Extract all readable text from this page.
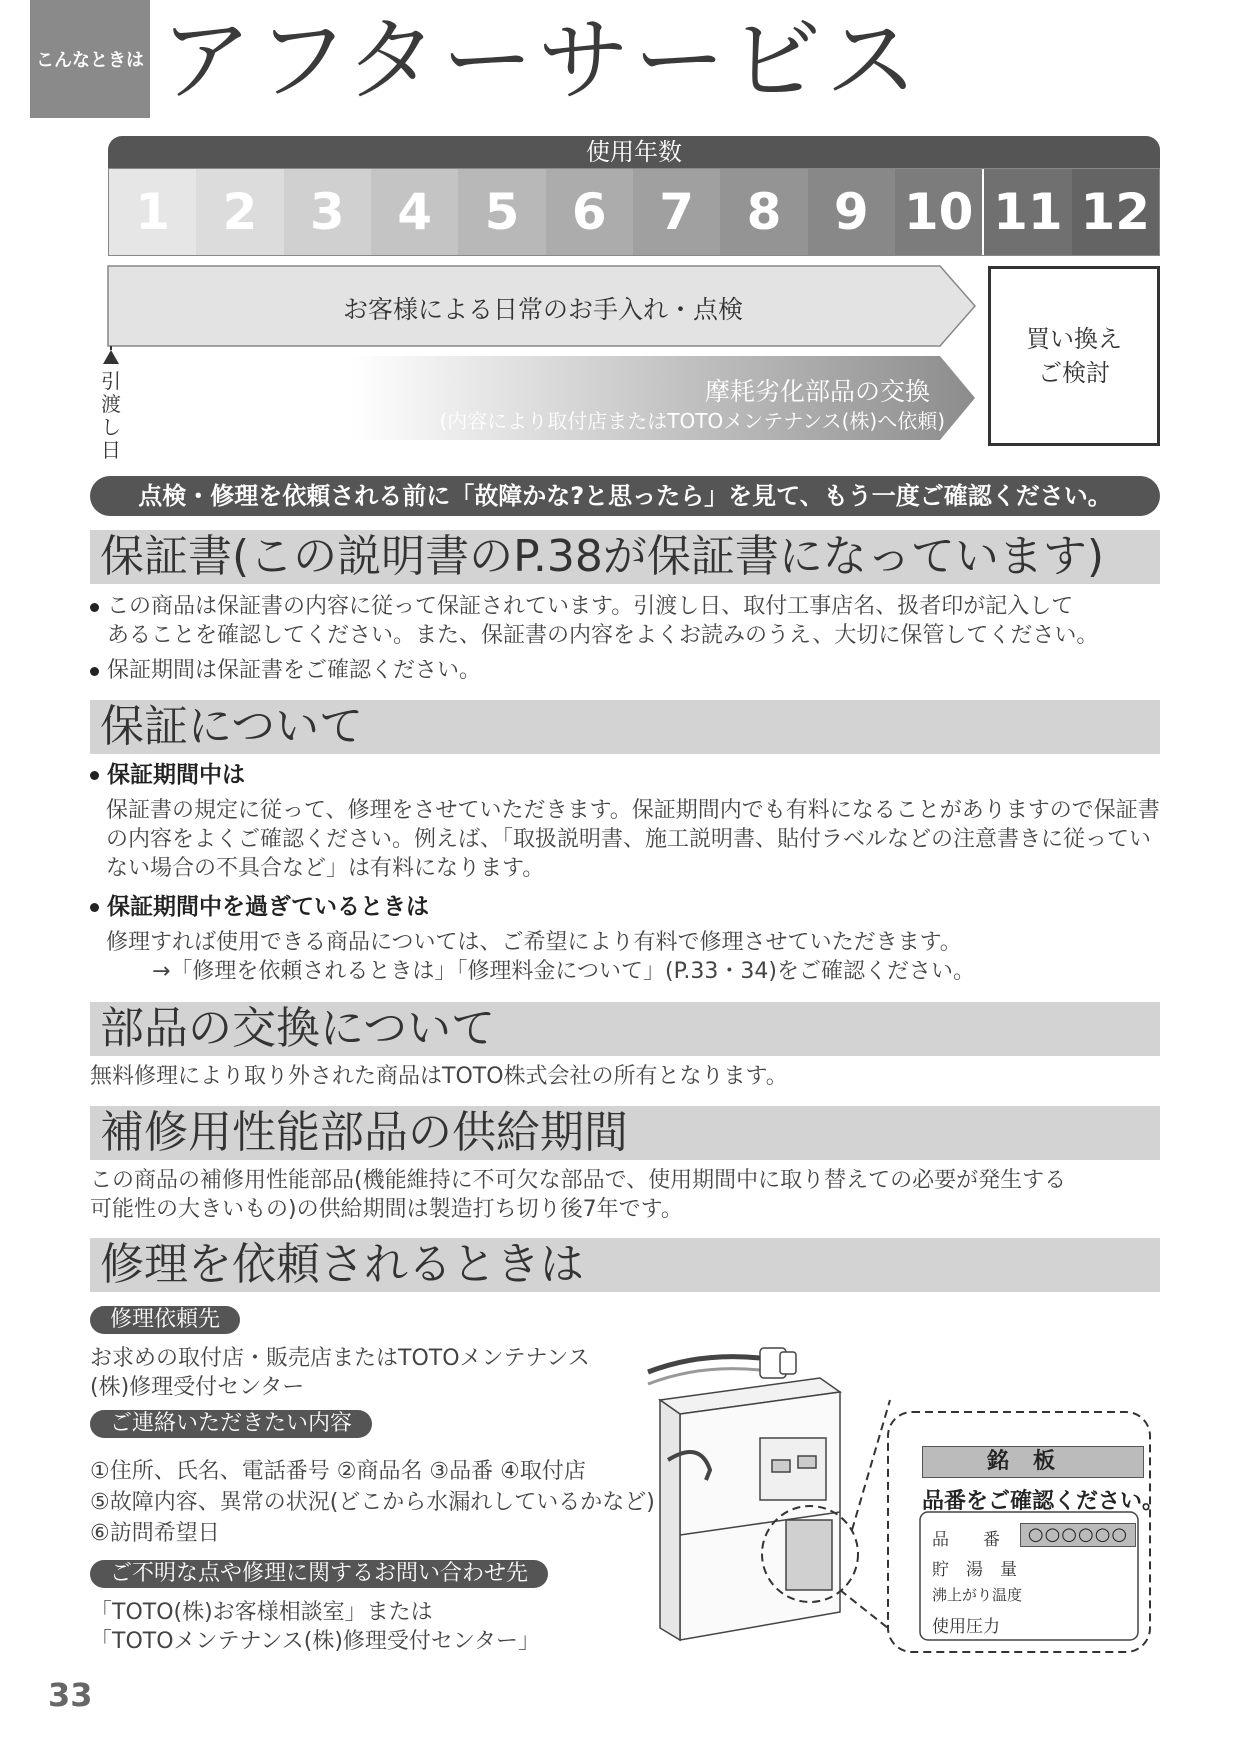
こんなときは アフターサービス
使用年数
1	2	3	4	5	6	7	8	9 10 11 12
お客様による日常のお手入れ・点検
摩耗劣化部品の交換
(内容により取付店またはTOTOメンテナンス(株)へ依頼)
買い換え
ご検討
引
渡
し
日
点検・修理を依頼される前に「故障かな?と思ったら」を見て、もう一度ご確認ください。
保証書(この説明書のP.38が保証書になっています)
この商品は保証書の内容に従って保証されています。引渡し日、取付工事店名、扱者印が記入して
あることを確認してください。また、保証書の内容をよくお読みのうえ、大切に保管してください。
保証期間は保証書をご確認ください。
保証について
保証期間中は
保証書の規定に従って、修理をさせていただきます。保証期間内でも有料になることがありますので保証書
の内容をよくご確認ください。例えば、「取扱説明書、施工説明書、貼付ラベルなどの注意書きに従ってい
ない場合の不具合など」は有料になります。
保証期間中を過ぎているときは
修理すれば使用できる商品については、ご希望により有料で修理させていただきます。
→「修理を依頼されるときは」「修理料金について」(P.33・34)をご確認ください。
部品の交換について
無料修理により取り外された商品はTOTO株式会社の所有となります。
補修用性能部品の供給期間
この商品の補修用性能部品(機能維持に不可欠な部品で、使用期間中に取り替えての必要が発生する
可能性の大きいもの)の供給期間は製造打ち切り後7年です。
修理を依頼されるときは
修理依頼先
お求めの取付店・販売店またはTOTOメンテナンス
(株)修理受付センター
ご連絡いただきたい内容
①住所、氏名、電話番号 ②商品名 ③品番 ④取付店
⑤故障内容、異常の状況(どこから水漏れしているかなど)
⑥訪問希望日
ご不明な点や修理に関するお問い合わせ先
「TOTO(株)お客様相談室」または
「TOTOメンテナンス(株)修理受付センター」
銘板
品番をご確認ください。
品　　番	○○○○○○
貯　湯　量
沸上がり温度
使用圧力
33
